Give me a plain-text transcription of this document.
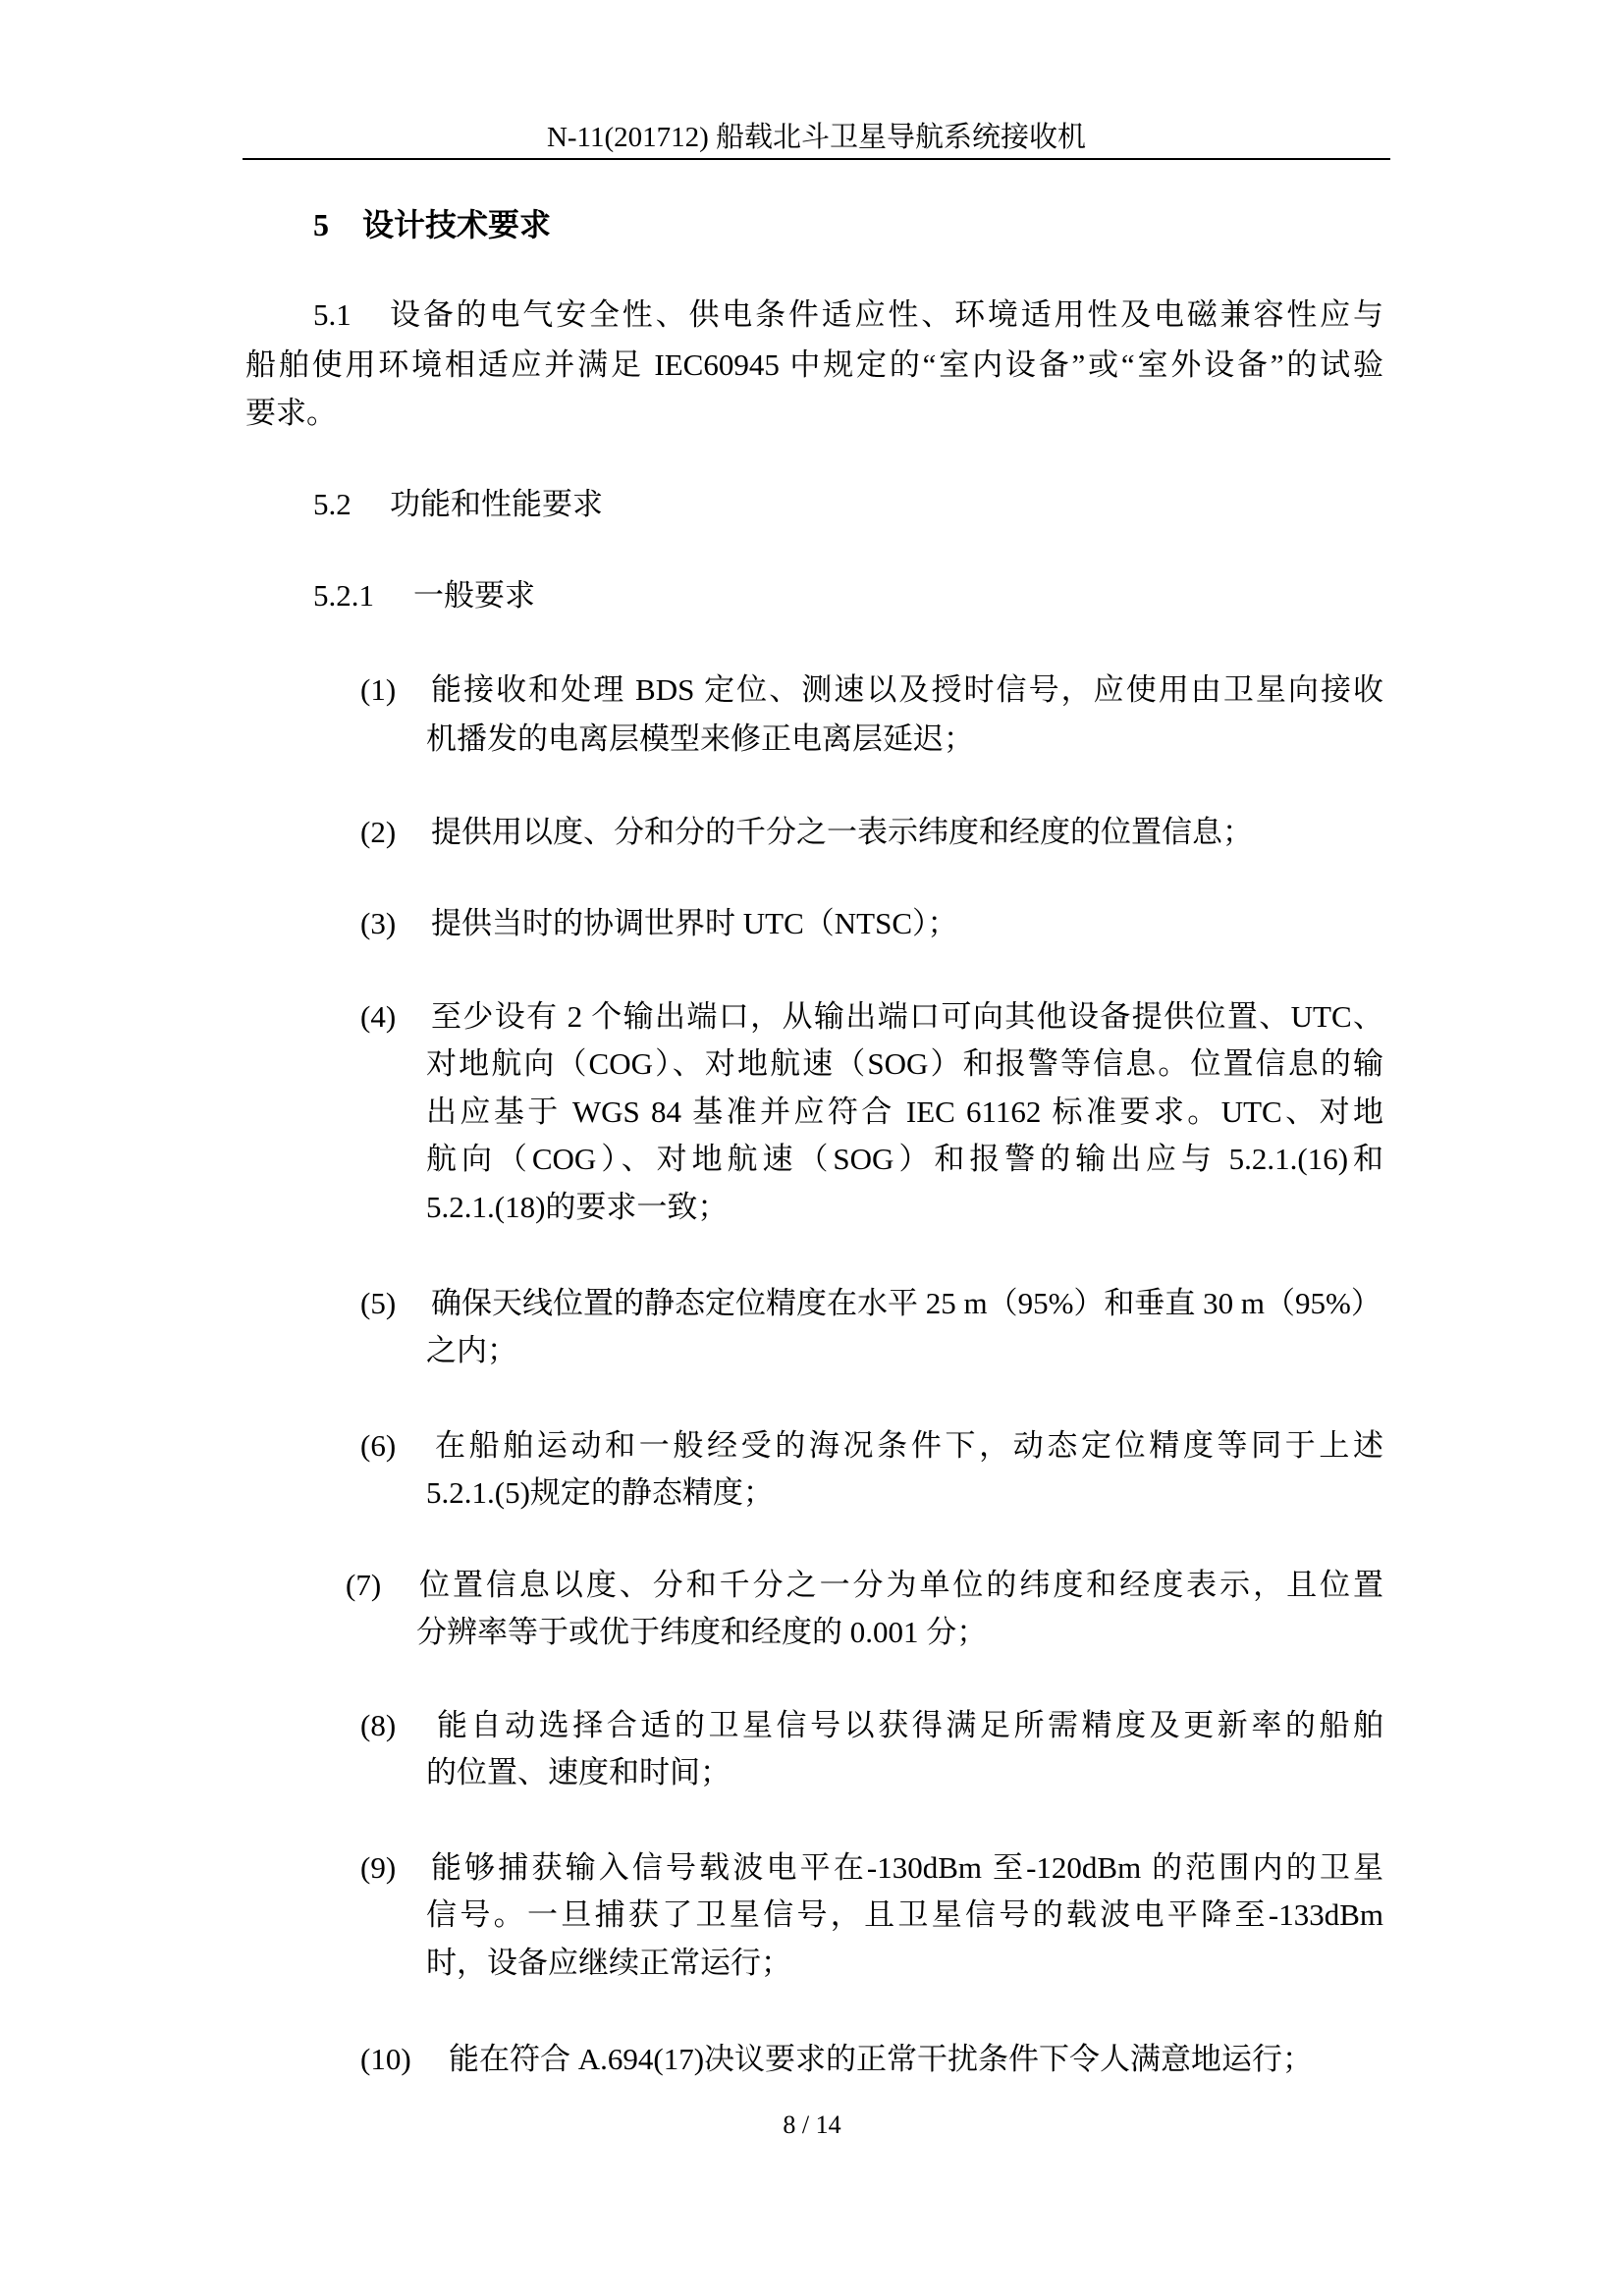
N-11(201712) 船载北斗卫星导航系统接收机
5 设计技术要求
5.1 设备的电气安全性、供电条件适应性、环境适用性及电磁兼容性应与
船舶使用环境相适应并满足 IEC60945 中规定的“室内设备”或“室外设备”的试验
要求。
5.2 功能和性能要求
5.2.1 一般要求
(1) 能接收和处理 BDS 定位、测速以及授时信号，应使用由卫星向接收
机播发的电离层模型来修正电离层延迟；
(2) 提供用以度、分和分的千分之一表示纬度和经度的位置信息；
(3) 提供当时的协调世界时 UTC（NTSC）；
(4) 至少设有 2 个输出端口，从输出端口可向其他设备提供位置、UTC、
对地航向（COG）、对地航速（SOG）和报警等信息。位置信息的输
出应基于 WGS 84 基准并应符合 IEC 61162 标准要求。UTC、对地
航向（COG）、对地航速（SOG）和报警的输出应与 5.2.1.(16)和
5.2.1.(18)的要求一致；
(5) 确保天线位置的静态定位精度在水平 25 m（95%）和垂直 30 m（95%）
之内；
(6) 在船舶运动和一般经受的海况条件下，动态定位精度等同于上述
5.2.1.(5)规定的静态精度；
(7) 位置信息以度、分和千分之一分为单位的纬度和经度表示，且位置
分辨率等于或优于纬度和经度的 0.001 分；
(8) 能自动选择合适的卫星信号以获得满足所需精度及更新率的船舶
的位置、速度和时间；
(9) 能够捕获输入信号载波电平在-130dBm 至-120dBm 的范围内的卫星
信号。一旦捕获了卫星信号，且卫星信号的载波电平降至-133dBm
时，设备应继续正常运行；
(10) 能在符合 A.694(17)决议要求的正常干扰条件下令人满意地运行；
8 / 14
